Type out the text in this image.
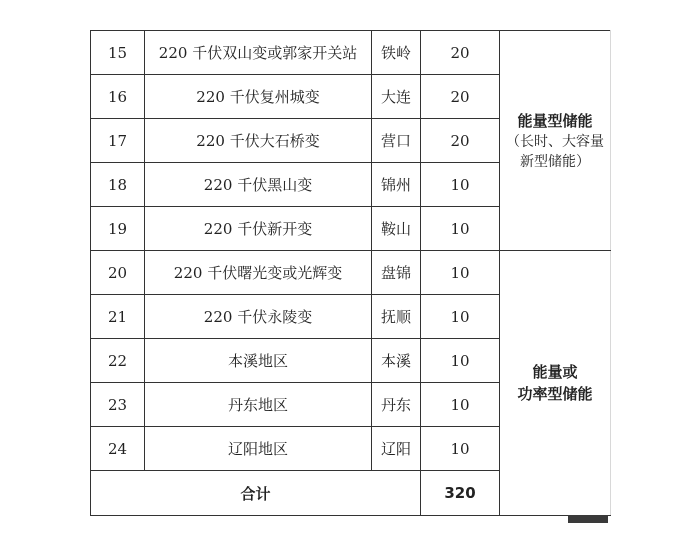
15	220 千伏双山变或郭家开关站	铁岭	20	能量型储能
（长时、大容量
新型储能）

16	220 千伏复州城变	大连	20	
17	220 千伏大石桥变	营口	20	
18	220 千伏黑山变	锦州	10	
19	220 千伏新开变	鞍山	10	
20	220 千伏曙光变或光辉变	盘锦	10	能量或
功率型储能

21	220 千伏永陵变	抚顺	10	
22	本溪地区	本溪	10	
23	丹东地区	丹东	10	
24	辽阳地区	辽阳	10	
合计			320	
